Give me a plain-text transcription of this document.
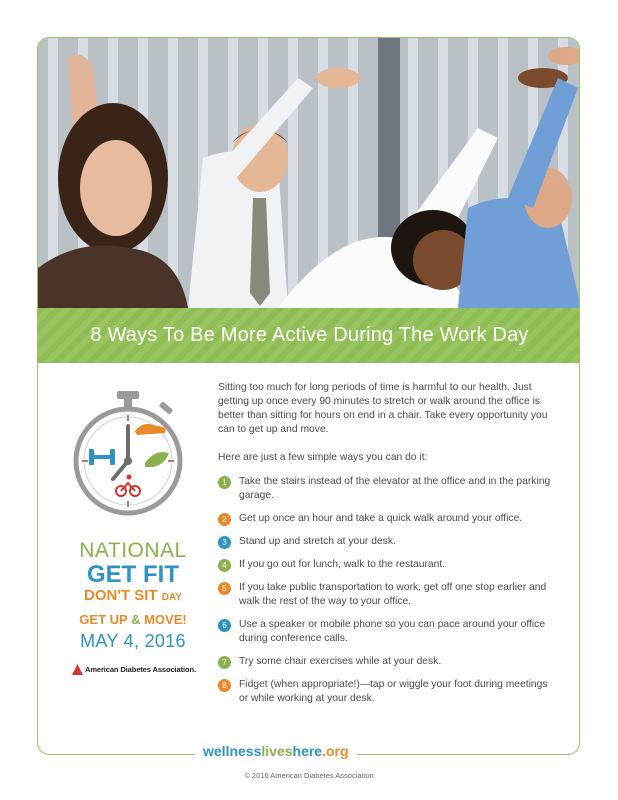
8 Ways To Be More Active During The Work Day
NATIONAL
GET FIT
DON'T SIT DAY
GET UP & MOVE!
MAY 4, 2016
American Diabetes Association.

Sitting too much for long periods of time is harmful to our health. Just getting up once every 90 minutes to stretch or walk around the office is better than sitting for hours on end in a chair. Take every opportunity you can to get up and move.

Here are just a few simple ways you can do it:

1	Take the stairs instead of the elevator at the office and in the parking garage.
2	Get up once an hour and take a quick walk around your office.
3	Stand up and stretch at your desk.
4	If you go out for lunch, walk to the restaurant.
5	If you take public transportation to work, get off one stop earlier and walk the rest of the way to your office.
6	Use a speaker or mobile phone so you can pace around your office during conference calls.
7	Try some chair exercises while at your desk.
8	Fidget (when appropriate!)—tap or wiggle your foot during meetings or while working at your desk.
wellnessliveshere.org
© 2016 American Diabetes Association
